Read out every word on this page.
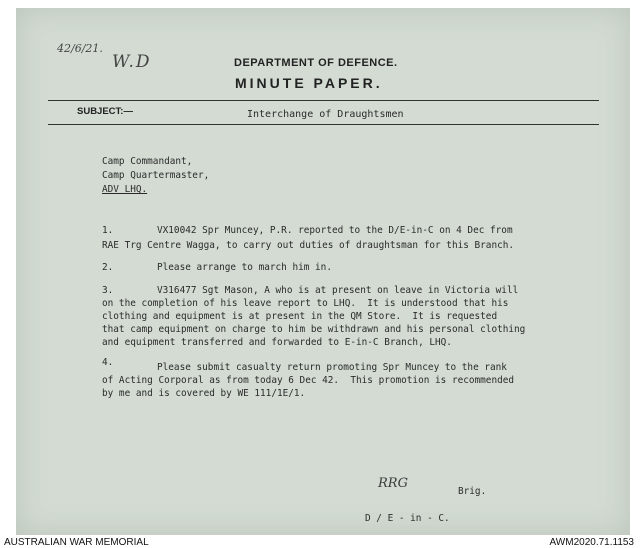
42/6/21.
W.D	DEPARTMENT OF DEFENCE.
MINUTE PAPER.
SUBJECT:—	Interchange of Draughtsmen
Camp Commandant,
Camp Quartermaster,
ADV LHQ.
1.	VX10042 Spr Muncey, P.R. reported to the D/E-in-C on 4 Dec from
RAE Trg Centre Wagga, to carry out duties of draughtsman for this Branch.
2.	Please arrange to march him in.
3.	V316477 Sgt Mason, A who is at present on leave in Victoria will
on the completion of his leave report to LHQ.  It is understood that his
clothing and equipment is at present in the QM Store.  It is requested
that camp equipment on charge to him be withdrawn and his personal clothing
and equipment transferred and forwarded to E-in-C Branch, LHQ.
4.	Please submit casualty return promoting Spr Muncey to the rank
of Acting Corporal as from today 6 Dec 42.  This promotion is recommended
by me and is covered by WE 111/1E/1.
RRG
Brig.
D / E - in - C.
AUSTRALIAN WAR MEMORIAL	AWM2020.71.1153
